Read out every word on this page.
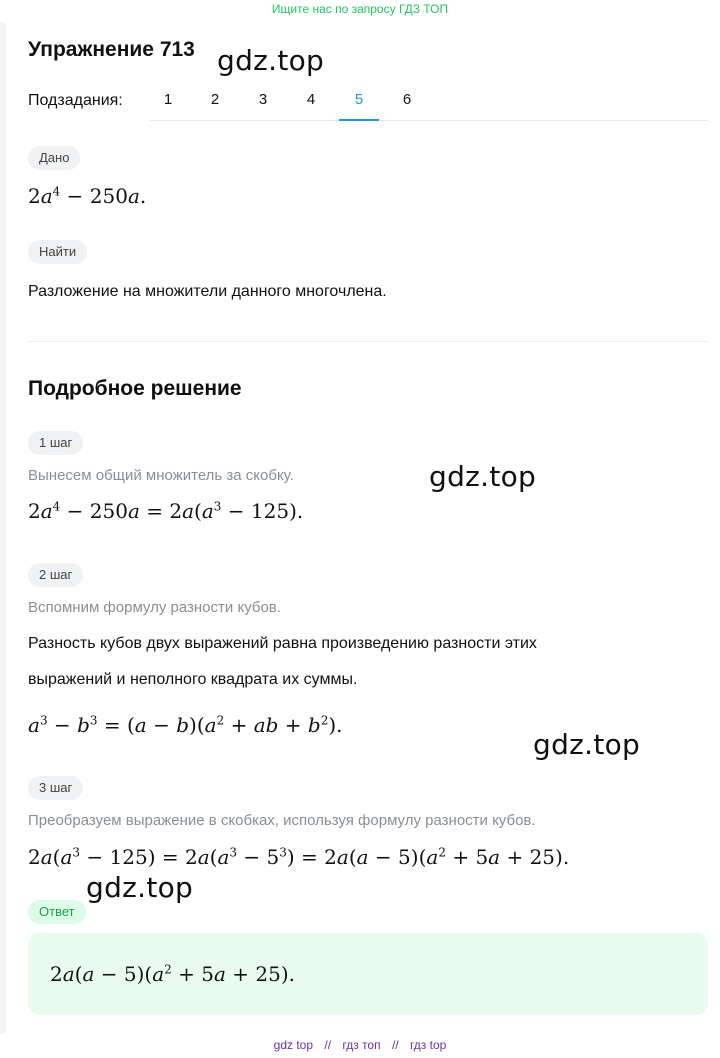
Ищите нас по запросу ГДЗ ТОП
Упражнение 713 gdz.top
Подзадания:	1	2	3	4	5	6
Дано
$2a^4 - 250a$.
Найти
Разложение на множители данного многочлена.
Подробное решение
1 шаг
Вынесем общий множитель за скобку.	gdz.top
$2a^4 - 250a = 2a(a^3 - 125)$.
2 шаг
Вспомним формулу разности кубов.
Разность кубов двух выражений равна произведению разности этих
выражений и неполного квадрата их суммы.
$a^3 - b^3 = (a - b)(a^2$ + ab + $b^2$).
gdz.top
3 шаг
Преобразуем выражение в скобках, используя формулу разности кубов.
$2a(a^3 - 125) = 2a(a^3 - 5^3) = 2a(a - 5)(a^2 + 5a + 25)$.
gdz.top
Ответ
$2a(a - 5)(a^2 + 5a + 25)$.
gdz top // гдз топ // гдз top
